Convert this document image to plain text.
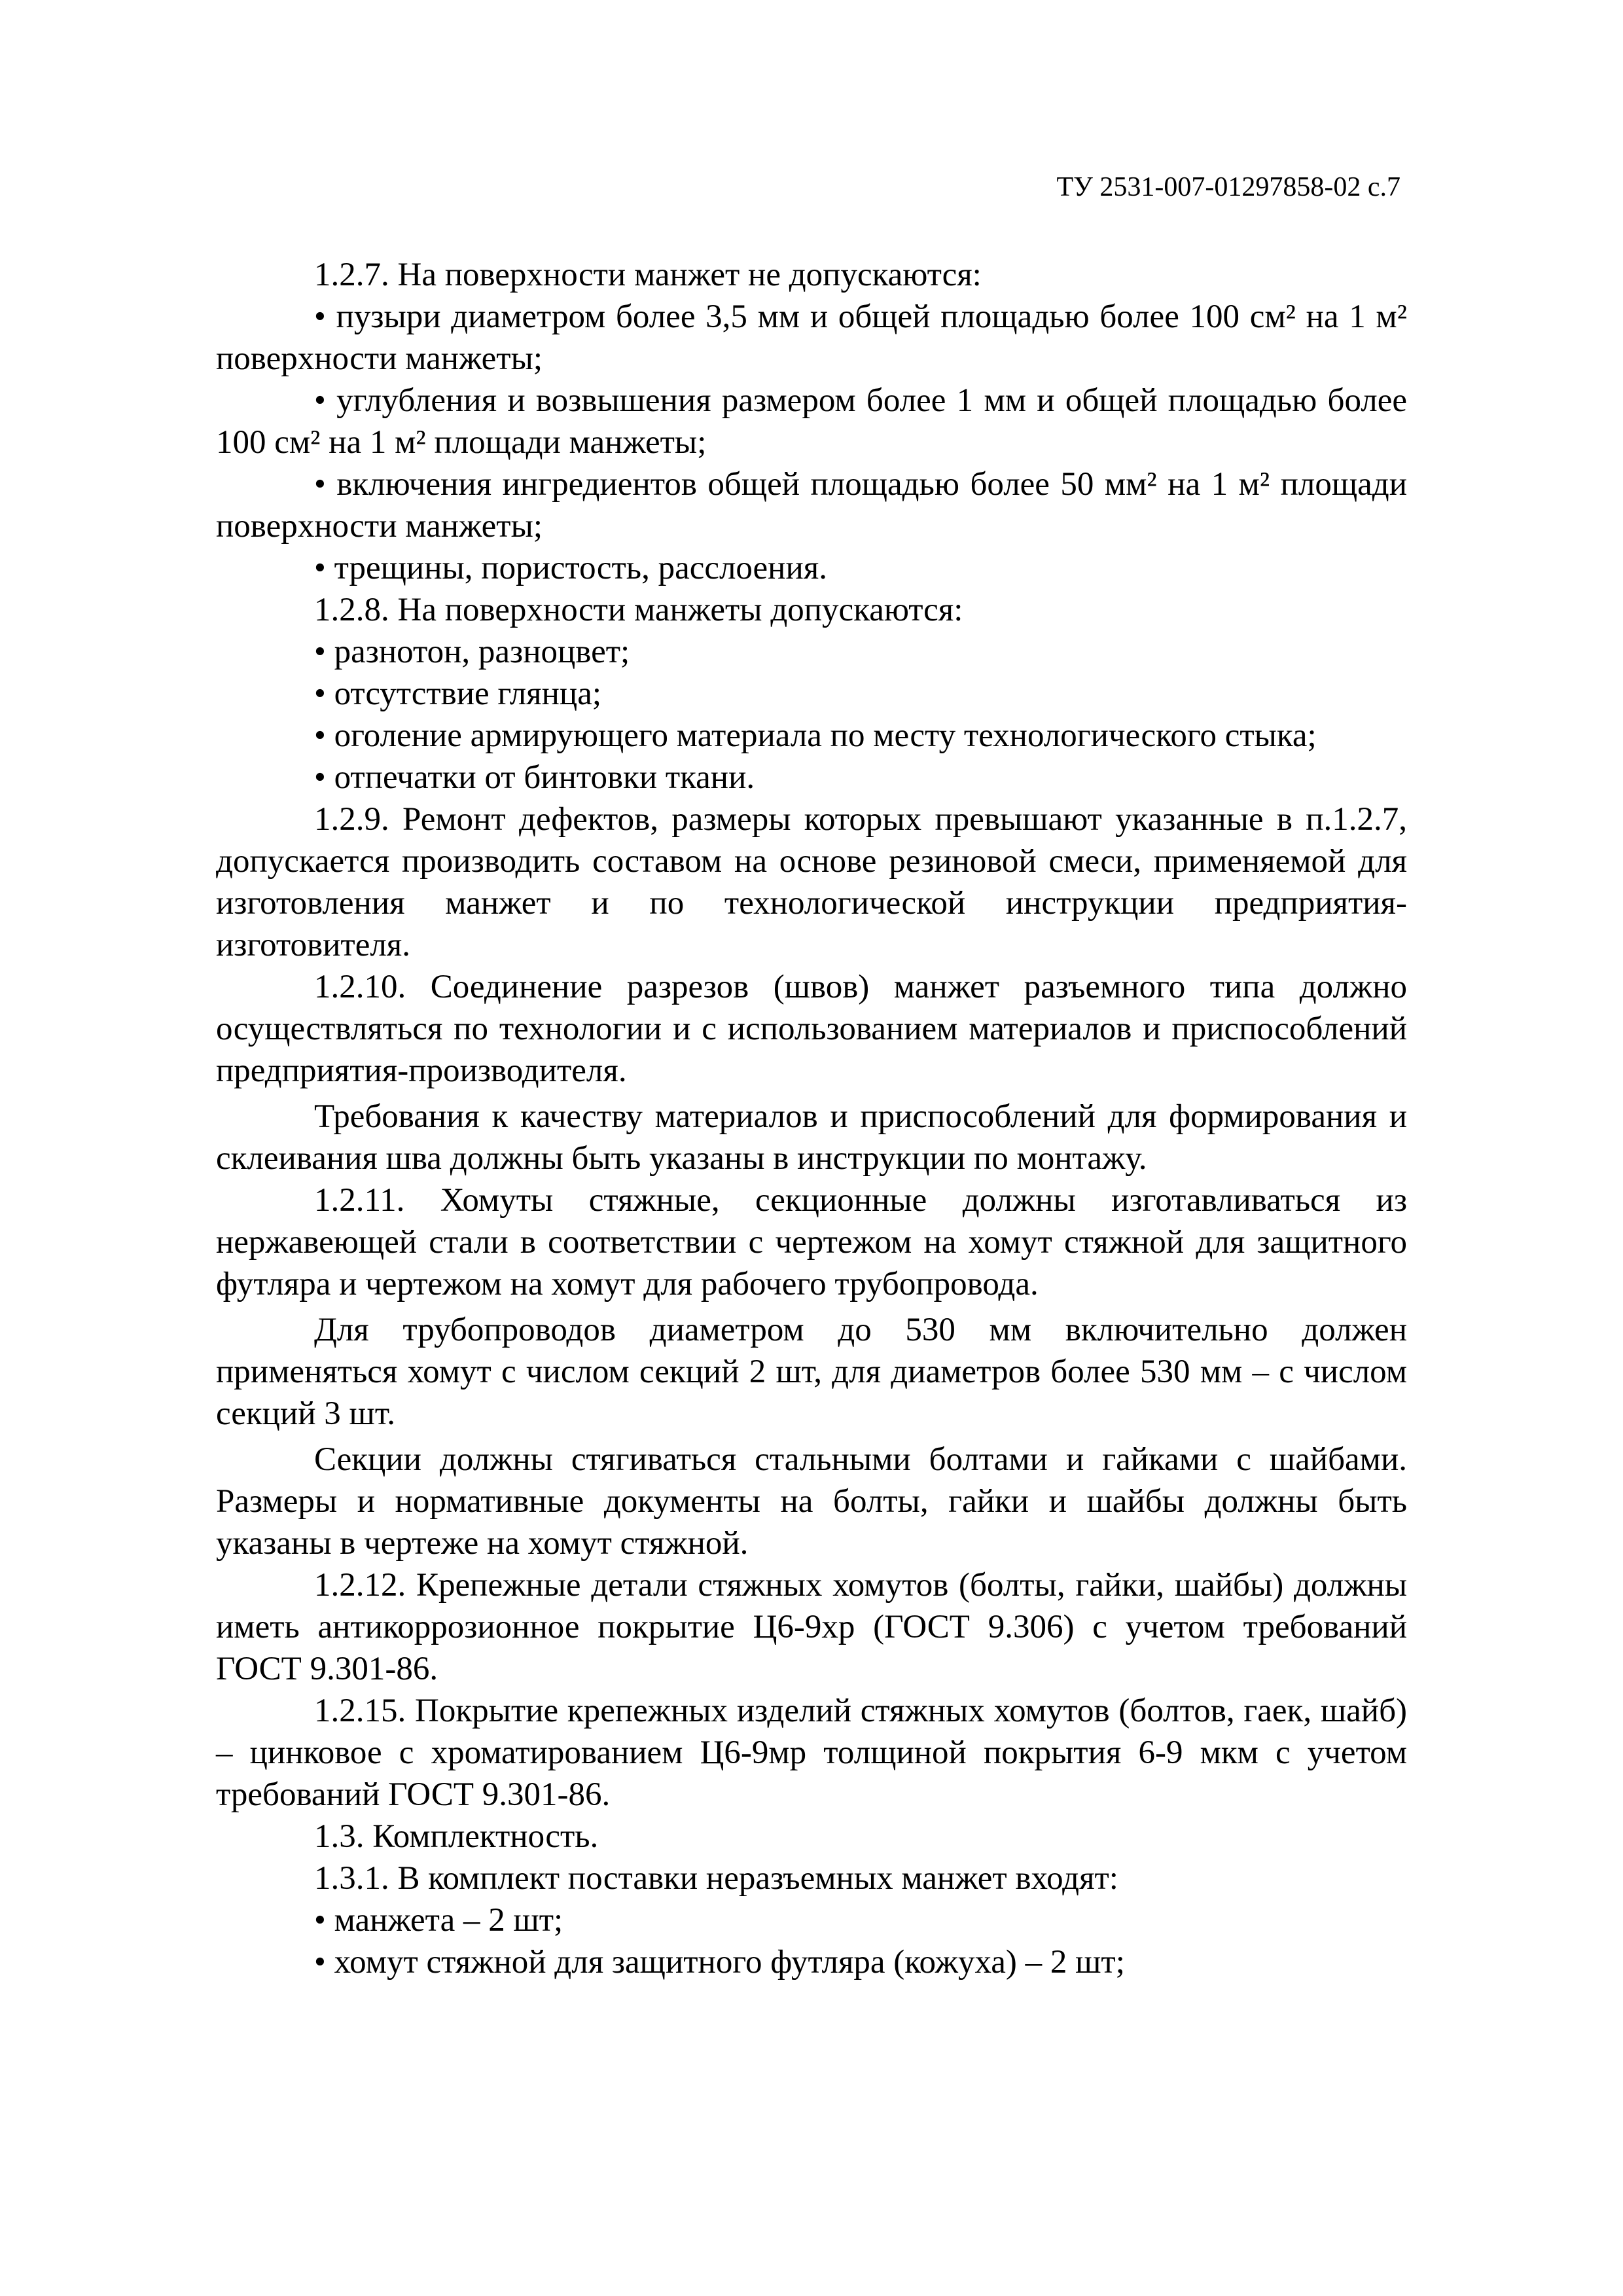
ТУ 2531-007-01297858-02 с.7

1.2.7. На поверхности манжет не допускаются:

• пузыри диаметром более 3,5 мм и общей площадью более 100 см² на 1 м² поверхности манжеты;

• углубления и возвышения размером более 1 мм и общей площадью более 100 см² на 1 м² площади манжеты;

• включения ингредиентов общей площадью более 50 мм² на 1 м² площади поверхности манжеты;

• трещины, пористость, расслоения.

1.2.8. На поверхности манжеты допускаются:

• разнотон, разноцвет;

• отсутствие глянца;

• оголение армирующего материала по месту технологического стыка;

• отпечатки от бинтовки ткани.

1.2.9. Ремонт дефектов, размеры которых превышают указанные в п.1.2.7, допускается производить составом на основе резиновой смеси, применяемой для изготовления манжет и по технологической инструкции предприятия-изготовителя.

1.2.10. Соединение разрезов (швов) манжет разъемного типа должно осуществляться по технологии и с использованием материалов и приспособлений предприятия-производителя.

Требования к качеству материалов и приспособлений для формирования и склеивания шва должны быть указаны в инструкции по монтажу.

1.2.11. Хомуты стяжные, секционные должны изготавливаться из нержавеющей стали в соответствии с чертежом на хомут стяжной для защитного футляра и чертежом на хомут для рабочего трубопровода.

Для трубопроводов диаметром до 530 мм включительно должен применяться хомут с числом секций 2 шт, для диаметров более 530 мм – с числом секций 3 шт.

Секции должны стягиваться стальными болтами и гайками с шайбами. Размеры и нормативные документы на болты, гайки и шайбы должны быть указаны в чертеже на хомут стяжной.

1.2.12. Крепежные детали стяжных хомутов (болты, гайки, шайбы) должны иметь антикоррозионное покрытие Ц6-9хр (ГОСТ 9.306) с учетом требований ГОСТ 9.301-86.

1.2.15. Покрытие крепежных изделий стяжных хомутов (болтов, гаек, шайб) – цинковое с хроматированием Ц6-9мр толщиной покрытия 6-9 мкм с учетом требований ГОСТ 9.301-86.

1.3. Комплектность.

1.3.1. В комплект поставки неразъемных манжет входят:

• манжета – 2 шт;

• хомут стяжной для защитного футляра (кожуха) – 2 шт;
